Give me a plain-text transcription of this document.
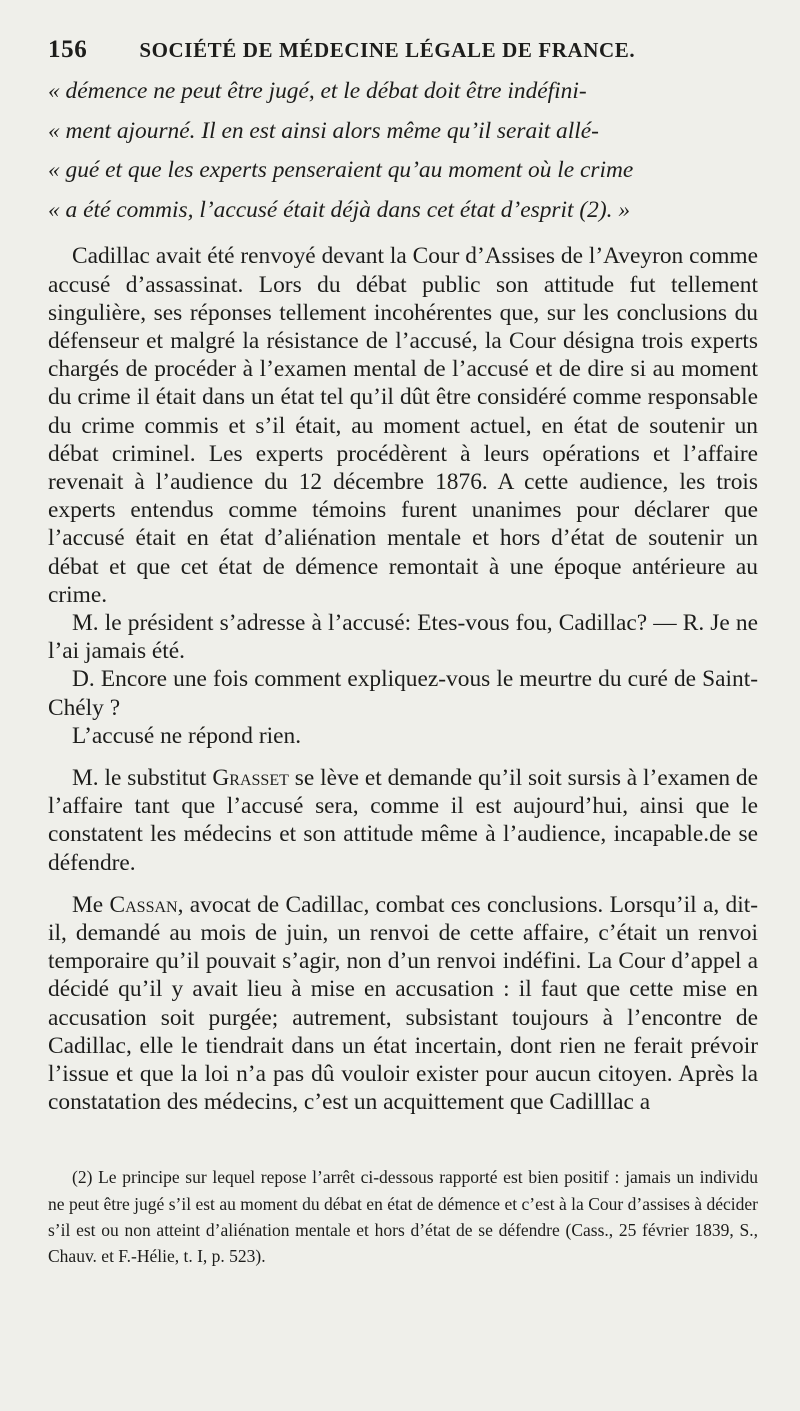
156 SOCIÉTÉ DE MÉDECINE LÉGALE DE FRANCE.
« démence ne peut être jugé, et le débat doit être indéfini-
« ment ajourné. Il en est ainsi alors même qu’il serait allé-
« gué et que les experts penseraient qu’au moment où le crime
« a été commis, l’accusé était déjà dans cet état d’esprit (2). »

Cadillac avait été renvoyé devant la Cour d’Assises de l’Aveyron comme accusé d’assassinat. Lors du débat public son attitude fut tellement singulière, ses réponses tellement incohérentes que, sur les conclusions du défenseur et malgré la résistance de l’accusé, la Cour désigna trois experts chargés de procéder à l’examen mental de l’accusé et de dire si au moment du crime il était dans un état tel qu’il dût être considéré comme responsable du crime commis et s’il était, au moment actuel, en état de soutenir un débat criminel. Les experts procédèrent à leurs opérations et l’affaire revenait à l’audience du 12 décembre 1876. A cette audience, les trois experts entendus comme témoins furent unanimes pour déclarer que l’accusé était en état d’aliénation mentale et hors d’état de soutenir un débat et que cet état de démence remontait à une époque antérieure au crime.

M. le président s’adresse à l’accusé: Etes-vous fou, Cadillac? — R. Je ne l’ai jamais été.

D. Encore une fois comment expliquez-vous le meurtre du curé de Saint-Chély ?

L’accusé ne répond rien.

M. le substitut Grasset se lève et demande qu’il soit sursis à l’examen de l’affaire tant que l’accusé sera, comme il est aujourd’hui, ainsi que le constatent les médecins et son attitude même à l’audience, incapable.de se défendre.

Me Cassan, avocat de Cadillac, combat ces conclusions. Lorsqu’il a, dit-il, demandé au mois de juin, un renvoi de cette affaire, c’était un renvoi temporaire qu’il pouvait s’agir, non d’un renvoi indéfini. La Cour d’appel a décidé qu’il y avait lieu à mise en accusation : il faut que cette mise en accusation soit purgée; autrement, subsistant toujours à l’encontre de Cadillac, elle le tiendrait dans un état incertain, dont rien ne ferait prévoir l’issue et que la loi n’a pas dû vouloir exister pour aucun citoyen. Après la constatation des médecins, c’est un acquittement que Cadilllac a

(2) Le principe sur lequel repose l’arrêt ci-dessous rapporté est bien positif : jamais un individu ne peut être jugé s’il est au moment du débat en état de démence et c’est à la Cour d’assises à décider s’il est ou non atteint d’aliénation mentale et hors d’état de se défendre (Cass., 25 février 1839, S., Chauv. et F.-Hélie, t. I, p. 523).
